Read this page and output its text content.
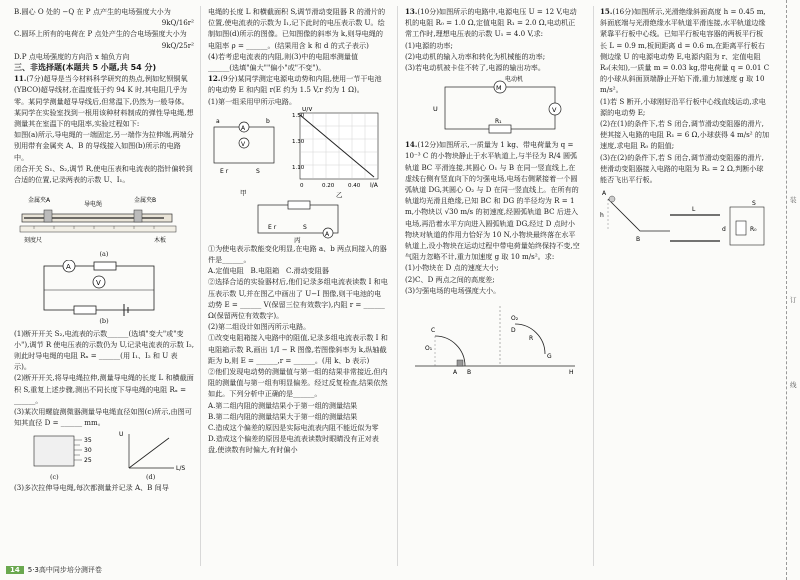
B.圆心 O 处的 −Q 在 P 点产生的电场强度大小为

9kQ/16r²

C.圆环上所有的电荷在 P 点处产生的合电场强度大小为

9kQ/25r²

D.P 点电场强度的方向沿 x 轴负方向

三、非选择题(本题共 5 小题,共 54 分)

11.(7分)超导是当今材料科学研究的热点,例如钇钡铜氧(YBCO)超导线材,在温度低于约 94 K 时,其电阻几乎为零。某同学测量超导导线后,但常温下,仍然为一般导体。某同学在实验室找到一根用该种材料制成的弹性导电绳,想测量其在室温下的电阻率,实验过程如下:

如图(a)所示,导电绳的一端固定,另一端作为拉伸端,两端分别用带有金属夹 A、B 的导线接入如图(b)所示的电路中。

闭合开关 S₁、S₂,调节 R,使电压表和电流表的指针偏转到合适的位置,记录两表的示数 U、I₁。

金属夹A
导电绳
金属夹B
刻度尺	木板

(a)

A
V

(b)

(1)断开开关 S₂,电流表的示数______(选填"变大"或"变小"),调节 R 使电压表的示数仍为 U,记录电流表的示数 I₂,则此时导电绳的电阻 Rₓ = ______(用 I₁、I₂ 和 U 表示)。

(2)断开开关,将导电绳拉伸,测量导电绳的长度 L 和横截面积 S,重复上述步骤,测出不同长度下导电绳的电阻 Rₓ = ______。

(3)某次用螺旋测微器测量导电绳直径如图(c)所示,由图可知其直径 D = ______ mm。

35
30
25
L/S
U
(c)	(d)

(3)多次拉伸导电绳,每次都测量并记录 A、B 间导

电绳的长度 L 和横截面积 S,调节滑动变阻器 R 的滑片的位置,使电流表的示数为 I₁,记下此时的电压表示数 U。绘制如图(d)所示的图像。已知图像的斜率为 k,则导电绳的电阻率 ρ = ______。(结果用含 k 和 d 的式子表示)

(4)若考虑电流表的内阻,则(3)中的电阻率测量值______(选填"偏大""偏小"或"不变")。

12.(9分)某同学测定电源电动势和内阻,使用一节干电池的电动势 E 和内阻 r(E 约为 1.5 V,r 约为 1 Ω)。

(1)第一组采用甲所示电路。

A
V
a	b
E r	S
1.50
1.30
1.10
0	0.20	0.40
U/V
I/A
甲	乙
A
E r	S
丙

①为使电表示数能变化明显,在电路 a、b 两点间接入的器件是______。

A.定值电阻 B.电阻箱 C.滑动变阻器

②选择合适的实验器材后,他们记录多组电流表读数 I 和电压表示数 U,并在图乙中画出了 U−I 图像,则干电池的电动势 E = ______ V(保留三位有效数字),内阻 r = ______ Ω(保留两位有效数字)。

(2)第二组设计如图丙所示电路。

①改变电阻箱接入电路中的阻值,记录多组电流表示数 I 和电阻箱示数 R,画出 1/I − R 图像,若图像斜率为 k,纵轴截距为 b,则 E = ______,r = ______。(用 k、b 表示)

②他们发现电动势的测量值与第一组的结果非常接近,但内阻的测量值与第一组有明显偏差。经过反复检查,结果依然如此。下列分析中正确的是______。

A.第二组内阻的测量结果小于第一组的测量结果

B.第二组内阻的测量结果大于第一组的测量结果

C.造成这个偏差的原因是实际电流表内阻不能近似为零

D.造成这个偏差的原因是电流表读数时眼睛没有正对表盘,使读数有时偏大,有时偏小

13.(10分)如图所示的电路中,电源电压 U = 12 V,电动机的电阻 R₀ = 1.0 Ω,定值电阻 R₁ = 2.0 Ω,电动机正常工作时,理想电压表的示数 U₁ = 4.0 V,求:

(1)电源的功率;

(2)电动机的输入功率和转化为机械能的功率;

(3)若电动机被卡住不转了,电源的输出功率。

M
R₁
V
U
电动机

14.(12分)如图所示,一质量为 1 kg、带电荷量为 q = 10⁻³ C 的小物块静止于水平轨道上,与半径为 R/4 圆弧轨道 BC 平滑连接,其圆心 O₁ 与 B 在同一竖直线上,在虚线右侧有竖直向下的匀强电场,电场右侧紧接着一个圆弧轨道 DG,其圆心 O₂ 与 D 在同一竖直线上。在所有的轨道均光滑且绝缘,已知 BC 和 DG 的半径均为 R = 1 m,小物块以 √30 m/s 的初速度,经圆弧轨道 BC 后进入电场,再沿着水平方向进入圆弧轨道 DG,经过 D 点时小物块对轨道的作用力恰好为 10 N,小物块最终落在水平轨道上,设小物块在运动过程中带电荷量始终保持不变,空气阻力忽略不计,重力加速度 g 取 10 m/s²。求:

(1)小物块在 D 点的速度大小;

(2)C、D 两点之间的高度差;

(3)匀强电场的电场强度大小。

O₂
D
C
R
G
O₁
B
A	H

15.(16分)如图所示,光滑绝缘斜面高度 h = 0.45 m,斜面底端与光滑绝缘水平轨道平滑连接,水平轨道边缘紧靠平行板中心线。已知平行板电容器的两板平行板长 L = 0.9 m,板间距离 d = 0.6 m,在距离平行板右侧边缘 U 的电源电动势 E,电源内阻为 r、定值电阻 R₀(未知),一质量 m = 0.03 kg,带电荷量 q = 0.01 C 的小球从斜面顶端静止开始下滑,重力加速度 g 取 10 m/s²。

(1)若 S 断开,小球刚好沿平行板中心线直线运动,求电源的电动势 E;

(2)在(1)的条件下,若 S 闭合,调节滑动变阻器的滑片,使其接入电路的电阻 R₁ = 6 Ω,小球获得 4 m/s² 的加速度,求电阻 R₀ 的阻值;

(3)在(2)的条件下,若 S 闭合,调节滑动变阻器的滑片,使滑动变阻器接入电路的电阻为 R₂ = 2 Ω,判断小球能否飞出平行板。

A
h
B
L
d	R₀
S	装
订
线
14	5·3高中同步培分测评卷
